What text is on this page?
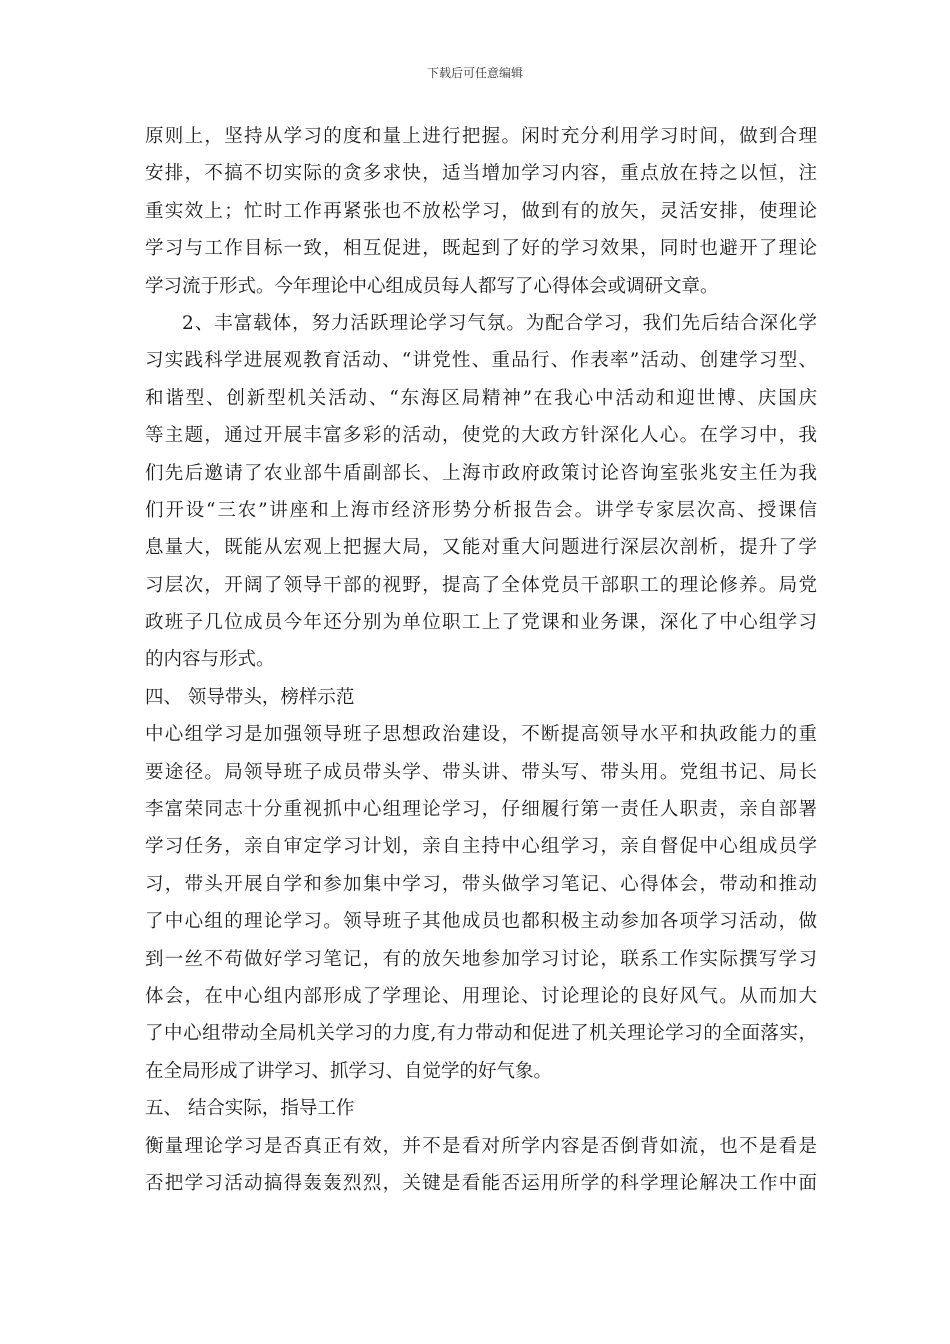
下载后可任意编辑
原则上，坚持从学习的度和量上进行把握。闲时充分利用学习时间，做到合理
安排，不搞不切实际的贪多求快，适当增加学习内容，重点放在持之以恒，注
重实效上；忙时工作再紧张也不放松学习，做到有的放矢，灵活安排，使理论
学习与工作目标一致，相互促进，既起到了好的学习效果，同时也避开了理论
学习流于形式。今年理论中心组成员每人都写了心得体会或调研文章。
2、丰富载体，努力活跃理论学习气氛。为配合学习，我们先后结合深化学
习实践科学进展观教育活动、“讲党性、重品行、作表率”活动、创建学习型、
和谐型、创新型机关活动、“东海区局精神”在我心中活动和迎世博、庆国庆
等主题，通过开展丰富多彩的活动，使党的大政方针深化人心。在学习中，我
们先后邀请了农业部牛盾副部长、上海市政府政策讨论咨询室张兆安主任为我
们开设“三农”讲座和上海市经济形势分析报告会。讲学专家层次高、授课信
息量大，既能从宏观上把握大局，又能对重大问题进行深层次剖析，提升了学
习层次，开阔了领导干部的视野，提高了全体党员干部职工的理论修养。局党
政班子几位成员今年还分别为单位职工上了党课和业务课，深化了中心组学习
的内容与形式。
四、 领导带头，榜样示范
中心组学习是加强领导班子思想政治建设，不断提高领导水平和执政能力的重
要途径。局领导班子成员带头学、带头讲、带头写、带头用。党组书记、局长
李富荣同志十分重视抓中心组理论学习，仔细履行第一责任人职责，亲自部署
学习任务，亲自审定学习计划，亲自主持中心组学习，亲自督促中心组成员学
习，带头开展自学和参加集中学习，带头做学习笔记、心得体会，带动和推动
了中心组的理论学习。领导班子其他成员也都积极主动参加各项学习活动，做
到一丝不苟做好学习笔记，有的放矢地参加学习讨论，联系工作实际撰写学习
体会，在中心组内部形成了学理论、用理论、讨论理论的良好风气。从而加大
了中心组带动全局机关学习的力度,有力带动和促进了机关理论学习的全面落实，
在全局形成了讲学习、抓学习、自觉学的好气象。
五、 结合实际，指导工作
衡量理论学习是否真正有效，并不是看对所学内容是否倒背如流，也不是看是
否把学习活动搞得轰轰烈烈，关键是看能否运用所学的科学理论解决工作中面
